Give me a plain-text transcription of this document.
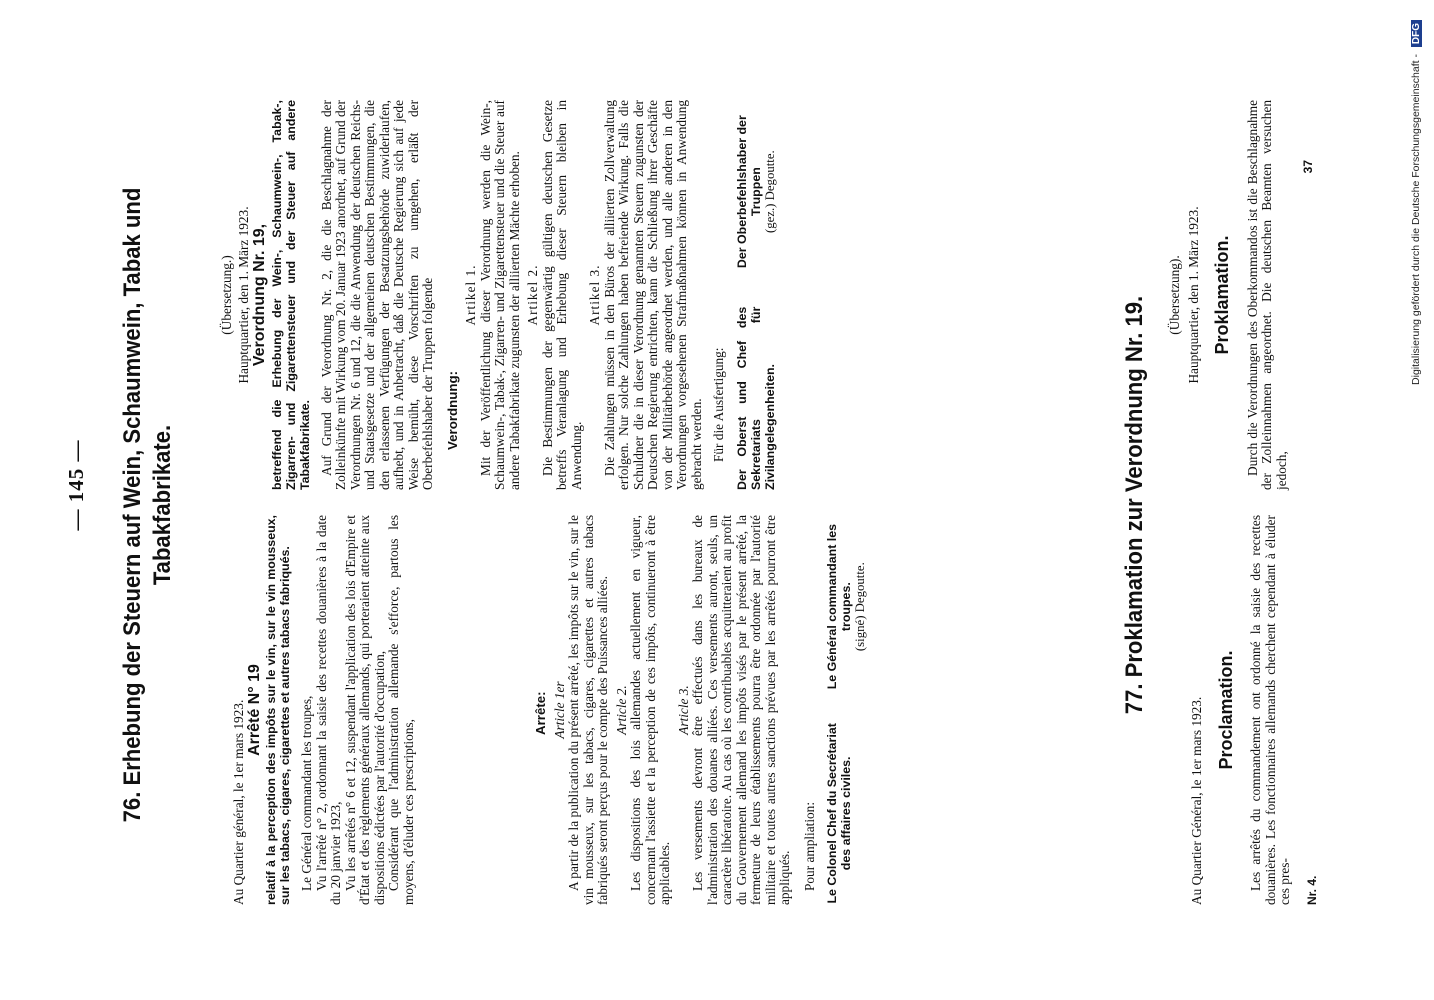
— 145 — 76. Erhebung der Steuern auf Wein, Schaumwein, Tabak und Tabakfabrikate.

Au Quartier général, le 1er mars 1923. Arrêté N° 19 relatif à la perception des impôts sur le vin, sur le vin mousseux, sur les tabacs, cigares, cigarettes et autres tabacs fabriqués. Le Général commandant les troupes, Vu l'arrêté n° 2, ordonnant la saisie des recettes douanières à la date du 20 janvier 1923, Vu les arrêtés n° 6 et 12, suspendant l'application des lois d'Empire et d'État et des règlements généraux allemands, qui porteraient atteinte aux dispositions édictées par l'autorité d'occupation, Considérant que l'administration allemande s'efforce, partous les moyens, d'éluder ces prescriptions,

Arrête: Article 1er A partir de la publication du présent arrêté, les impôts sur le vin, sur le vin mousseux, sur les tabacs, cigares, cigarettes et autres tabacs fabriqués seront perçus pour le compte des Puissances alliées. Article 2. Les dispositions des lois allemandes actuellement en vigueur, concernant l'assiette et la perception de ces impôts, continueront à être applicables.

Article 3. Les versements devront être effectués dans les bureaux de l'administration des douanes alliées. Ces versements auront, seuls, un caractère libératoire. Au cas où les contribuables acquitteraient au profit du Gouvernement allemand les impôts visés par le présent arrêté, la fermeture de leurs établissements pourra être ordonnée par l'autorité militaire et toutes autres sanctions prévues par les arrêtés pourront être appliqués. Pour ampliation: Le Colonel Chef du Secrétariat des affaires civiles.
Le Général commandant les troupes. (signé) Degoutte.
(Übersetzung.) Hauptquartier, den 1. März 1923. Verordnung Nr. 19, betreffend die Erhebung der Wein-, Schaumwein-, Tabak-, Zigarren- und Zigarettensteuer und der Steuer auf andere Tabakfabrikate. Auf Grund der Verordnung Nr. 2, die die Beschlagnahme der Zolleinkünfte mit Wirkung vom 20. Januar 1923 anordnet, auf Grund der Verordnungen Nr. 6 und 12, die die Anwendung der deutschen Reichs- und Staatsgesetze und der allgemeinen deutschen Bestimmungen, die den erlassenen Verfügungen der Besatzungsbehörde zuwiderlaufen, aufhebt, und in Anbetracht, daß die Deutsche Regierung sich auf jede Weise bemüht, diese Vorschriften zu umgehen, erläßt der Oberbefehlshaber der Truppen folgende Verordnung:
Artikel 1. Mit der Veröffentlichung dieser Verordnung werden die Wein-, Schaumwein-, Tabak-, Zigarren- und Zigarettensteuer und die Steuer auf andere Tabakfabrikate zugunsten der alliierten Mächte erhoben. Artikel 2. Die Bestimmungen der gegenwärtig gültigen deutschen Gesetze betreffs Veranlagung und Erhebung dieser Steuern bleiben in Anwendung.

Artikel 3. Die Zahlungen müssen in den Büros der alliierten Zollverwaltung erfolgen. Nur solche Zahlungen haben befreiende Wirkung. Falls die Schuldner die in dieser Verordnung genannten Steuern zugunsten der Deutschen Regierung entrichten, kann die Schließung ihrer Geschäfte von der Militärbehörde angeordnet werden, und alle anderen in den Verordnungen vorgesehenen Strafmaßnahmen können in Anwendung gebracht werden. Für die Ausfertigung: Der Oberst und Chef des Sekretariats für Zivilangelegenheiten.
Der Oberbefehlshaber der Truppen (gez.) Degoutte.
77. Proklamation zur Verordnung Nr. 19.

Au Quartier Général, le 1er mars 1923. Proclamation. Les arrêtés du commandement ont ordonné la saisie des recettes douanières. Les fonctionnaires allemands cherchent cependant à éluder ces pres- Nr. 4.
(Übersetzung). Hauptquartier, den 1. März 1923. Proklamation. Durch die Verordnungen des Oberkommandos ist die Beschlagnahme der Zolleinnahmen angeordnet. Die deutschen Beamten versuchen jedoch,

37	Digitalisierung gefördert durch die Deutsche Forschungsgemeinschaft - DFG
